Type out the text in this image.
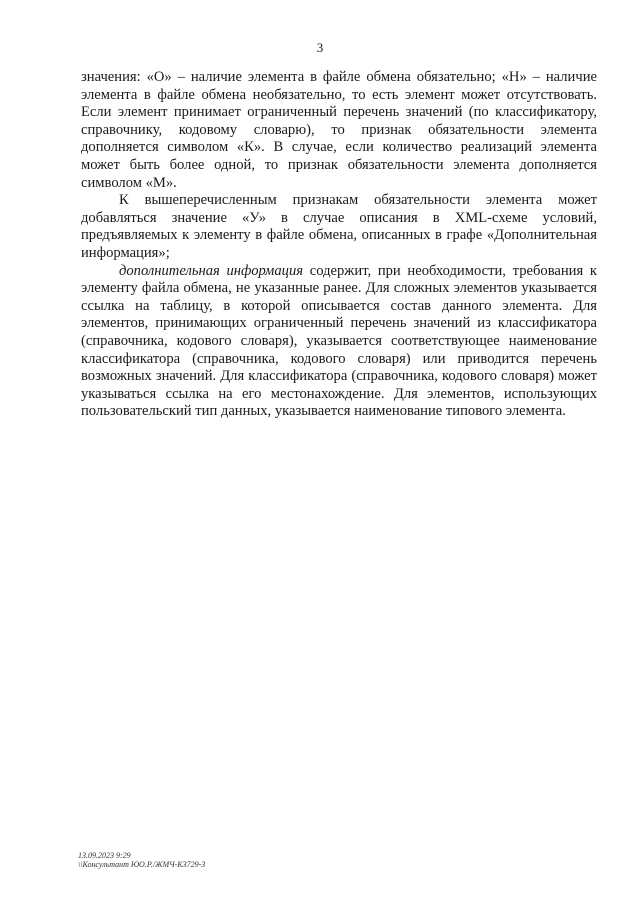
3

значения: «О» – наличие элемента в файле обмена обязательно; «Н» – наличие элемента в файле обмена необязательно, то есть элемент может отсутствовать. Если элемент принимает ограниченный перечень значений (по классификатору, справочнику, кодовому словарю), то признак обязательности элемента дополняется символом «К». В случае, если количество реализаций элемента может быть более одной, то признак обязательности элемента дополняется символом «М».

К вышеперечисленным признакам обязательности элемента может добавляться значение «У» в случае описания в XML-схеме условий, предъявляемых к элементу в файле обмена, описанных в графе «Дополнительная информация»;

дополнительная информация содержит, при необходимости, требования к элементу файла обмена, не указанные ранее. Для сложных элементов указывается ссылка на таблицу, в которой описывается состав данного элемента. Для элементов, принимающих ограниченный перечень значений из классификатора (справочника, кодового словаря), указывается соответствующее наименование классификатора (справочника, кодового словаря) или приводится перечень возможных значений. Для классификатора (справочника, кодового словаря) может указываться ссылка на его местонахождение. Для элементов, использующих пользовательский тип данных, указывается наименование типового элемента.

13.09.2023 9:29
\\Консультант ЮО.Р./ЖМЧ-КЗ729-3
